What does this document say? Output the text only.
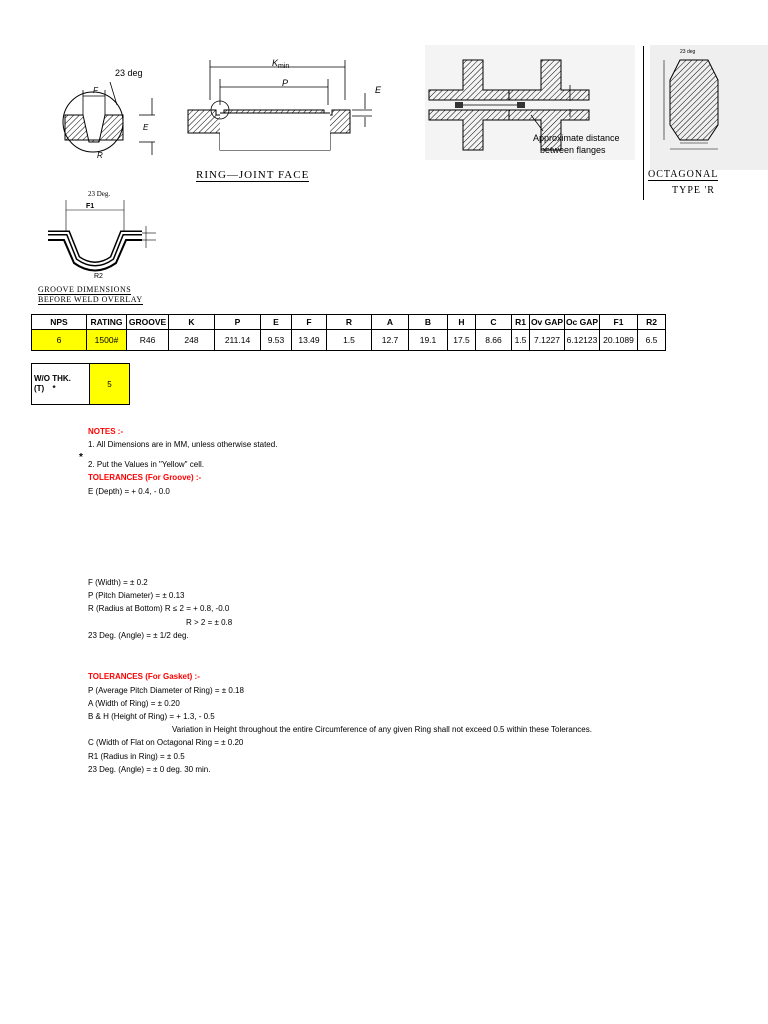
23 deg
F
E
R
$K_{min}$
P
E
RING—JOINT FACE
Approximate distance
between flanges
23 deg
OCTAGONAL
TYPE 'R
23 Deg.
F1
R2
GROOVE DIMENSIONS
BEFORE WELD OVERLAY
NPS	RATING	GROOVE	K	P	E	F	R	A	B	H	C	R1	Ov GAP	Oc GAP	F1	R2
6	1500#	R46	248	211.14	9.53	13.49	1.5	12.7	19.1	17.5	8.66	1.5	7.1227	6.12123	20.1089	6.5
W/O THK.
(T) *	5
*
NOTES :-
1. All Dimensions are in MM, unless otherwise stated.
2. Put the Values in "Yellow" cell.
TOLERANCES (For Groove) :-
E (Depth) = + 0.4, - 0.0
F (Width) = ± 0.2
P (Pitch Diameter) = ± 0.13
R (Radius at Bottom) R ≤ 2 = + 0.8, -0.0
R > 2 = ± 0.8
23 Deg. (Angle) = ± 1/2 deg.
TOLERANCES (For Gasket) :-
P (Average Pitch Diameter of Ring) = ± 0.18
A (Width of Ring) = ± 0.20
B & H (Height of Ring) = + 1.3, - 0.5
Variation in Height throughout the entire Circumference of any given Ring shall not exceed 0.5 within these Tolerances.
C (Width of Flat on Octagonal Ring = ± 0.20
R1 (Radius in Ring) = ± 0.5
23 Deg. (Angle) = ± 0 deg. 30 min.
